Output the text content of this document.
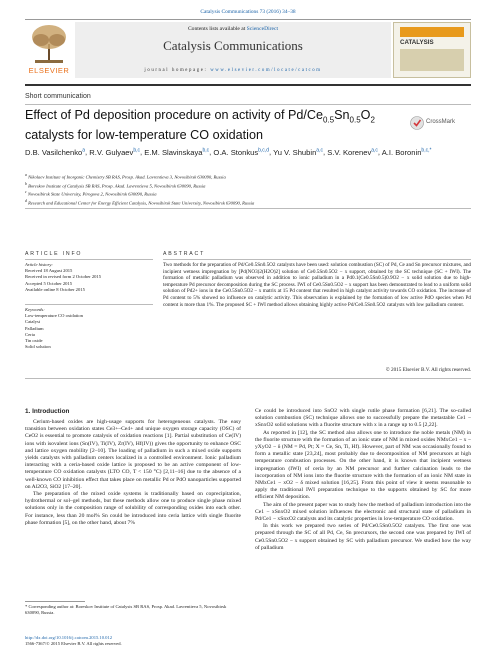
Catalysis Communications 73 (2016) 34–38
ELSEVIER
Contents lists available at ScienceDirect
Catalysis Communications
journal homepage: www.elsevier.com/locate/catcom
CATALYSIS
Short communication
Effect of Pd deposition procedure on activity of $Pd/Ce_{0.5}Sn_{0.5}O_2$ catalysts for low-temperature CO oxidation
CrossMark
D.B. Vasilchenko$^a$, R.V. Gulyaev$^{b,c}$, E.M. Slavinskaya$^{b,c}$, O.A. Stonkus$^{b,c,d}$, Yu V. Shubin$^{a,c}$, S.V. Korenev$^{a,c}$, A.I. Boronin$^{b,c,*}$
$^a$ Nikolaev Institute of Inorganic Chemistry SB RAS, Prosp. Akad. Lavrentieva 3, Novosibirsk 630090, Russia
$^b$ Boreskov Institute of Catalysis SB RAS, Prosp. Akad. Lavrentieva 5, Novosibirsk 630090, Russia
$^c$ Novosibirsk State University, Pirogova 2, Novosibirsk 630090, Russia
$^d$ Research and Educational Center for Energy Efficient Catalysis, Novosibirsk State University, Novosibirsk 630090, Russia
ARTICLE INFO	ABSTRACT
Article history:
Received 18 August 2015
Received in revised form 2 October 2015
Accepted 5 October 2015
Available online 8 October 2015
Keywords:
Low-temperature CO oxidation
Catalyst
Palladium
Ceria
Tin oxide
Solid solution
Two methods for the preparation of Pd/Ce0.5Sn0.5O2 catalysts have been used: solution combustion (SC) of Pd, Ce and Sn precursor mixtures, and incipient wetness impregnation by [Pd(NO3)2(H2O)2] solution of Ce0.5Sn0.5O2 − x support, obtained by the SC technique (SC + IWI). The formation of metallic palladium was observed in addition to ionic palladium in a Pd0.1(Ce0.5Sn0.5)0.9O2 − x solid solution due to high-temperature Pd precursor decomposition during the SC process. IWI of Ce0.5Sn0.5O2 − x support has been demonstrated to lead to a uniform solid solution of Pd2+ ions in the Ce0.5Sn0.5O2 − x matrix at 15 Pd content that resulted in high catalyst activity towards CO oxidation. The increase of Pd content to 5% showed no influence on catalytic activity. This observation is explained by the formation of low active PdO species when Pd content is more than 1%. The proposed SC + IWI method allows obtaining highly active Pd/Ce0.5Sn0.5O2 catalysts with low palladium content.
© 2015 Elsevier B.V. All rights reserved.
1. Introduction
Cerium-based oxides are high-usage supports for heterogeneous catalysts. The easy transition between oxidation states Ce3+–Ce4+ and unique oxygen storage capacity (OSC) of CeO2 is essential to promote catalysis of oxidation reactions [1]. Partial substitution of Ce(IV) ions with isovalent ions (Sn(IV), Ti(IV), Zr(IV), Hf(IV)) gives the opportunity to enhance OSC and lattice oxygen mobility [2–10]. The loading of palladium in such a mixed oxide supports yields catalysts with palladium centers localized in a controlled environment. Ionic palladium interacting with a ceria-based oxide lattice is proposed to be an active component of low-temperature CO oxidation catalysts (LTO CO, T < 150 °C) [2,11–16] due to the absence of a well-known CO inhibition effect that takes place on metallic Pd or PdO nanoparticles supported on Al2O3, SiO2 [17–20].
The preparation of the mixed oxide systems is traditionally based on coprecipitation, hydrothermal or sol–gel methods, but these methods allow one to produce single phase mixed solutions only in the composition range of solubility of corresponding oxides into each other. For instance, less than 20 mol% Sn could be introduced into ceria lattice with single fluorite phase formation [5], on the other hand, about 7%
Ce could be introduced into SnO2 with single rutile phase formation [6,21]. The so-called solution combustion (SC) technique allows one to successfully prepare the metastable Ce1 − xSnxO2 solid solutions with a fluorite structure with x in a range up to 0.5 [2,22].
As reported in [12], the SC method also allows one to introduce the noble metals (NM) in the fluorite structure with the formation of an ionic state of NM in mixed oxides NMxCe1 − x − yXyO2 − δ (NM = Pd, Pt; X = Ce, Sn, Ti, Hf). However, part of NM was occasionally found to form a metallic state [23,24], most probably due to decomposition of NM precursors at high temperature combustion processes. On the other hand, it is known that incipient wetness impregnation (IWI) of ceria by an NM precursor and further calcination leads to the incorporation of NM ions into the fluorite structure with the formation of an ionic NM state in NMxCe1 − xO2 − δ mixed solution [16,25]. From this point of view it seems reasonable to apply the traditional IWI preparation technique to the supports obtained by SC for more efficient NM deposition.
The aim of the present paper was to study how the method of palladium introduction into the Ce1 − xSnxO2 mixed solution influences the electronic and structural state of palladium in Pd/Ce1 − xSnxO2 catalysts and its catalytic properties in low-temperature CO oxidation.
In this work we prepared two series of Pd/Ce0.5Sn0.5O2 catalysts. The first one was prepared through the SC of all Pd, Ce, Sn precursors, the second one was prepared by IWI of Ce0.5Sn0.5O2 − x support obtained by SC with palladium precursor. We studied how the way of palladium
* Corresponding author at: Boreskov Institute of Catalysis SB RAS, Prosp. Akad. Lavrentieva 5, Novosibirsk 630090, Russia.
http://dx.doi.org/10.1016/j.catcom.2015.10.012
1566-7367/© 2015 Elsevier B.V. All rights reserved.
